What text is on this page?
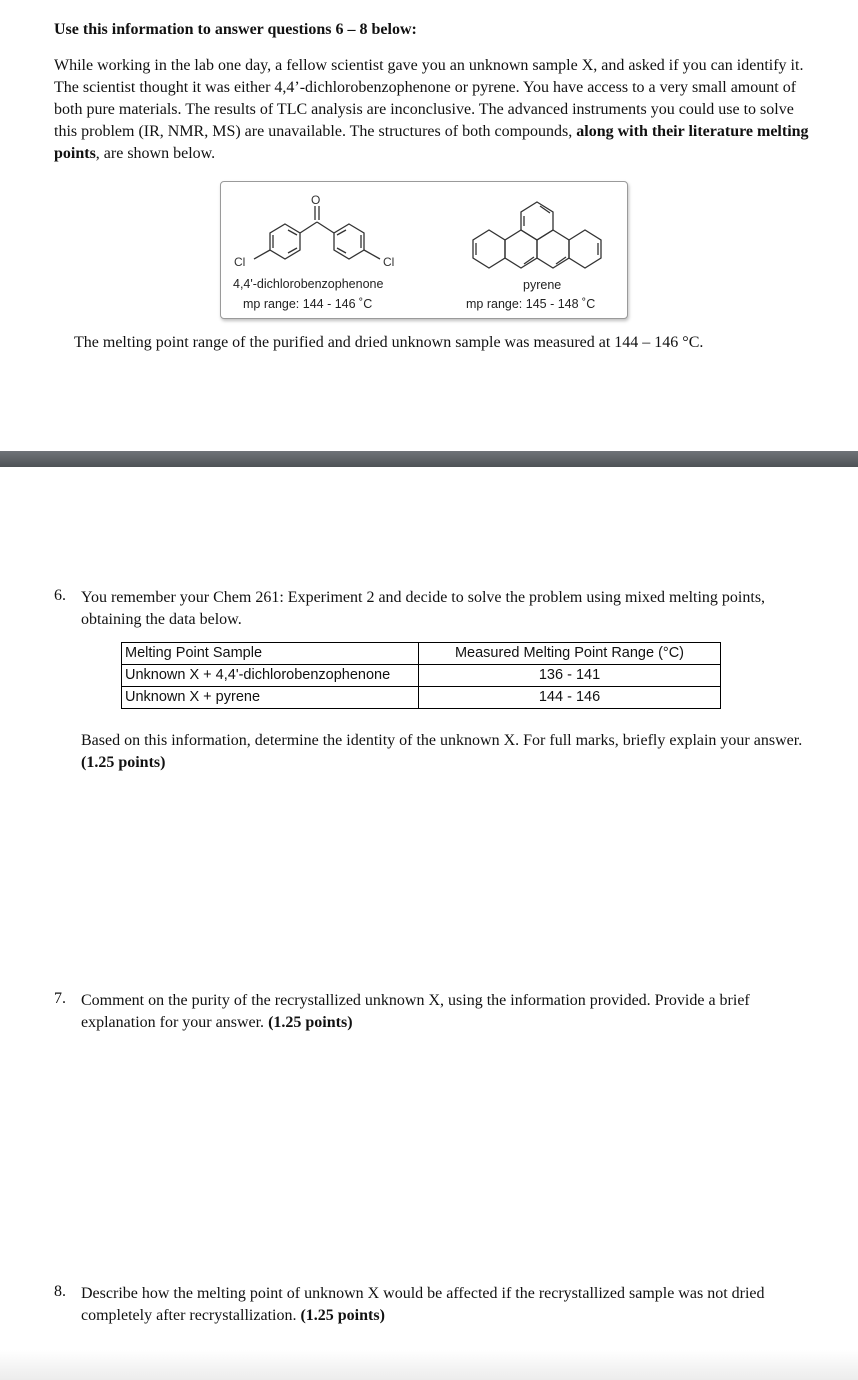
Use this information to answer questions 6 – 8 below:
While working in the lab one day, a fellow scientist gave you an unknown sample X, and asked if you can identify it. The scientist thought it was either 4,4’-dichlorobenzophenone or pyrene. You have access to a very small amount of both pure materials. The results of TLC analysis are inconclusive. The advanced instruments you could use to solve this problem (IR, NMR, MS) are unavailable. The structures of both compounds, along with their literature melting points, are shown below.
O
Cl	Cl
4,4'-dichlorobenzophenone
mp range: 144 - 146 ˚C
pyrene
mp range: 145 - 148 ˚C
The melting point range of the purified and dried unknown sample was measured at 144 – 146 °C.
6. You remember your Chem 261: Experiment 2 and decide to solve the problem using mixed melting points, obtaining the data below.
Melting Point Sample	Measured Melting Point Range (°C)
Unknown X + 4,4'-dichlorobenzophenone	136 - 141
Unknown X + pyrene	144 - 146
Based on this information, determine the identity of the unknown X. For full marks, briefly explain your answer. (1.25 points)
7. Comment on the purity of the recrystallized unknown X, using the information provided. Provide a brief explanation for your answer. (1.25 points)
8. Describe how the melting point of unknown X would be affected if the recrystallized sample was not dried completely after recrystallization. (1.25 points)
